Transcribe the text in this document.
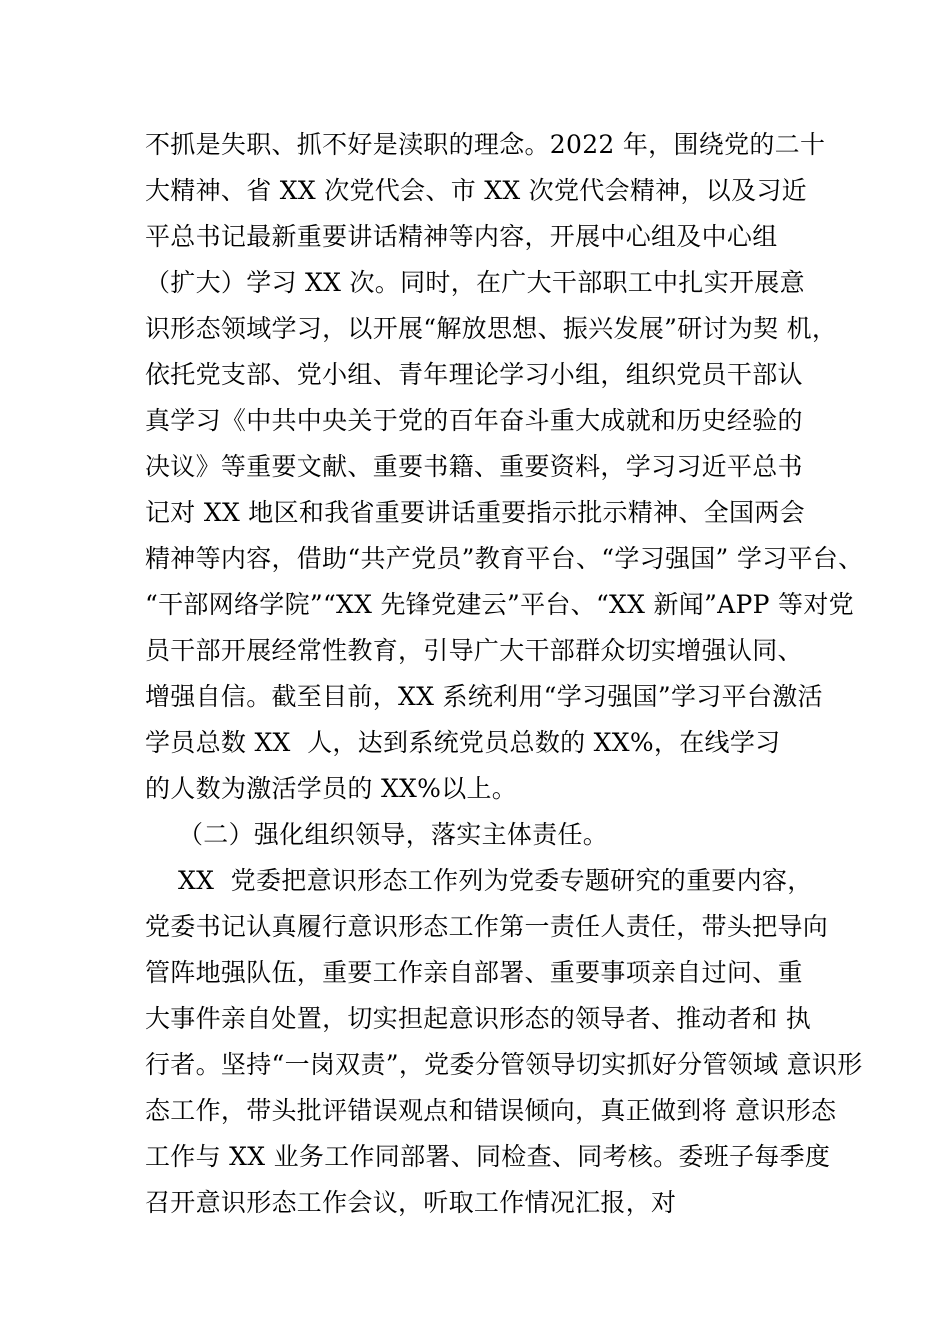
不抓是失职、抓不好是渎职的理念。2022 年，围绕党的二十
大精神、省 XX 次党代会、市 XX 次党代会精神，以及习近
平总书记最新重要讲话精神等内容，开展中心组及中心组
（扩大）学习 XX 次。同时，在广大干部职工中扎实开展意
识形态领域学习，以开展“解放思想、振兴发展”研讨为契 机，
依托党支部、党小组、青年理论学习小组，组织党员干部认
真学习《中共中央关于党的百年奋斗重大成就和历史经验的
决议》等重要文献、重要书籍、重要资料，学习习近平总书
记对 XX 地区和我省重要讲话重要指示批示精神、全国两会
精神等内容，借助“共产党员”教育平台、“学习强国” 学习平台、
“干部网络学院”“XX 先锋党建云”平台、“XX 新闻”APP 等对党
员干部开展经常性教育，引导广大干部群众切实增强认同、
增强自信。截至目前，XX 系统利用“学习强国”学习平台激活
学员总数 XX  人，达到系统党员总数的 XX%，在线学习
的人数为激活学员的 XX%以上。
（二）强化组织领导，落实主体责任。
XX  党委把意识形态工作列为党委专题研究的重要内容，
党委书记认真履行意识形态工作第一责任人责任，带头把导向
管阵地强队伍，重要工作亲自部署、重要事项亲自过问、重
大事件亲自处置，切实担起意识形态的领导者、推动者和 执
行者。坚持“一岗双责”，党委分管领导切实抓好分管领域 意识形
态工作，带头批评错误观点和错误倾向，真正做到将 意识形态
工作与 XX 业务工作同部署、同检查、同考核。委班子每季度
召开意识形态工作会议，听取工作情况汇报，对
